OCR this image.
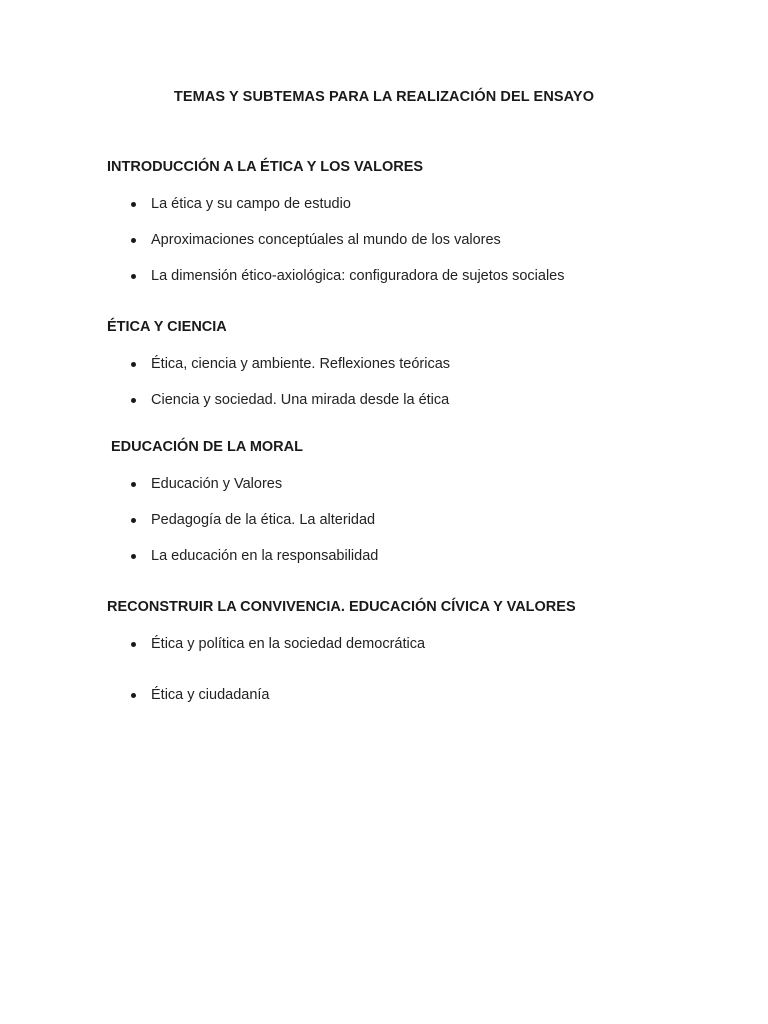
TEMAS Y SUBTEMAS PARA LA REALIZACIÓN DEL ENSAYO
INTRODUCCIÓN A LA ÉTICA Y LOS VALORES
La ética y su campo de estudio
Aproximaciones conceptúales al mundo de los valores
La dimensión ético-axiológica: configuradora de sujetos sociales
ÉTICA Y CIENCIA
Ética, ciencia y ambiente. Reflexiones teóricas
Ciencia y sociedad. Una mirada desde la ética
EDUCACIÓN DE LA MORAL
Educación y Valores
Pedagogía de la ética. La alteridad
La educación en la responsabilidad
RECONSTRUIR LA CONVIVENCIA. EDUCACIÓN CÍVICA Y VALORES
Ética y política en la sociedad democrática
Ética y ciudadanía
